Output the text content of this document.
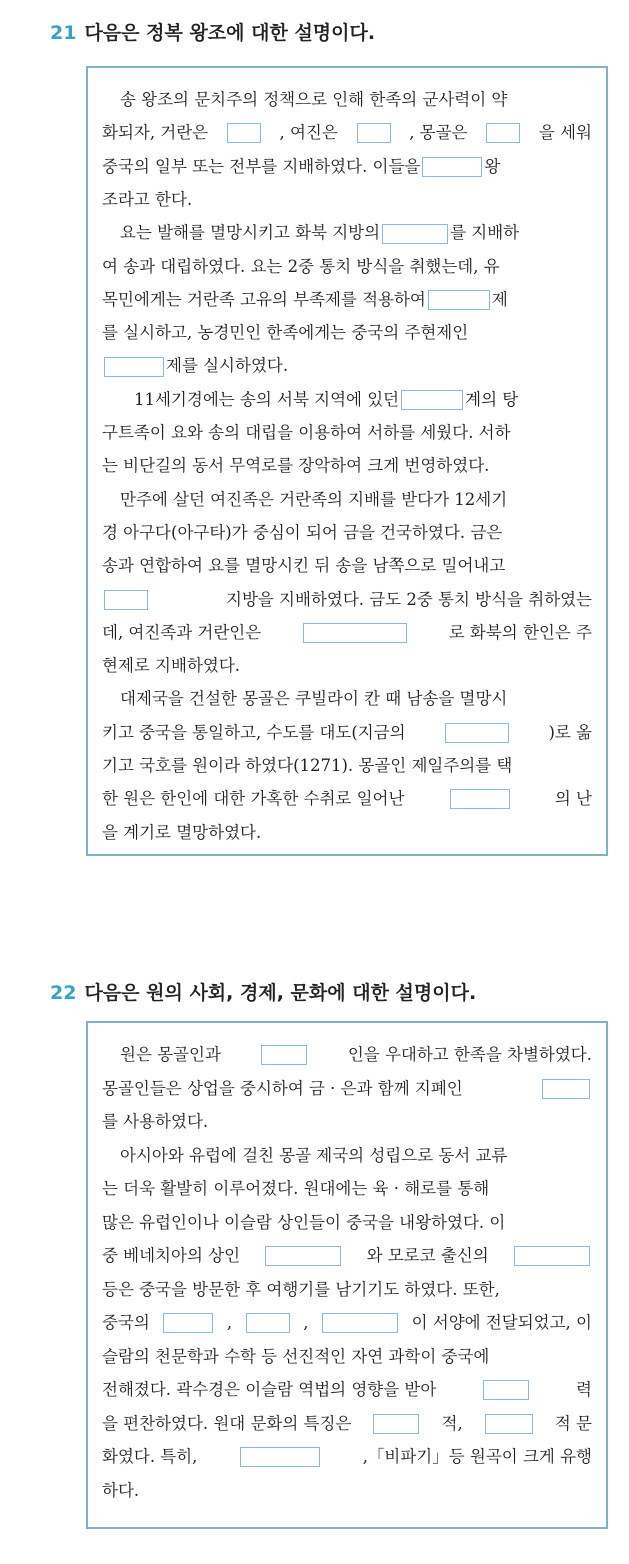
21 다음은 정복 왕조에 대한 설명이다.
송 왕조의 문치주의 정책으로 인해 한족의 군사력이 약
화되자, 거란은	, 여진은	, 몽골은	을 세워
중국의 일부 또는 전부를 지배하였다. 이들을	왕
조라고 한다.
요는 발해를 멸망시키고 화북 지방의	를 지배하
여 송과 대립하였다. 요는 2중 통치 방식을 취했는데, 유
목민에게는 거란족 고유의 부족제를 적용하여	제
를 실시하고, 농경민인 한족에게는 중국의 주현제인
제를 실시하였다.
11세기경에는 송의 서북 지역에 있던	계의 탕
구트족이 요와 송의 대립을 이용하여 서하를 세웠다. 서하
는 비단길의 동서 무역로를 장악하여 크게 번영하였다.
만주에 살던 여진족은 거란족의 지배를 받다가 12세기
경 아구다(아구타)가 중심이 되어 금을 건국하였다. 금은
송과 연합하여 요를 멸망시킨 뒤 송을 남쪽으로 밀어내고
지방을 지배하였다. 금도 2중 통치 방식을 취하였는
데, 여진족과 거란인은	로 화북의 한인은 주
현제로 지배하였다.
대제국을 건설한 몽골은 쿠빌라이 칸 때 남송을 멸망시
키고 중국을 통일하고, 수도를 대도(지금의	)로 옮
기고 국호를 원이라 하였다(1271). 몽골인 제일주의를 택
한 원은 한인에 대한 가혹한 수취로 일어난	의 난
을 계기로 멸망하였다.
22 다음은 원의 사회, 경제, 문화에 대한 설명이다.
원은 몽골인과	인을 우대하고 한족을 차별하였다.
몽골인들은 상업을 중시하여 금 · 은과 함께 지폐인
를 사용하였다.
아시아와 유럽에 걸친 몽골 제국의 성립으로 동서 교류
는 더욱 활발히 이루어졌다. 원대에는 육 · 해로를 통해
많은 유럽인이나 이슬람 상인들이 중국을 내왕하였다. 이
중 베네치아의 상인	와 모로코 출신의
등은 중국을 방문한 후 여행기를 남기기도 하였다. 또한,
중국의	,	,	이 서양에 전달되었고, 이
슬람의 천문학과 수학 등 선진적인 자연 과학이 중국에
전해졌다. 곽수경은 이슬람 역법의 영향을 받아	력
을 편찬하였다. 원대 문화의 특징은	적,	적 문
화였다. 특히,	,「비파기」등 원곡이 크게 유행
하다.
